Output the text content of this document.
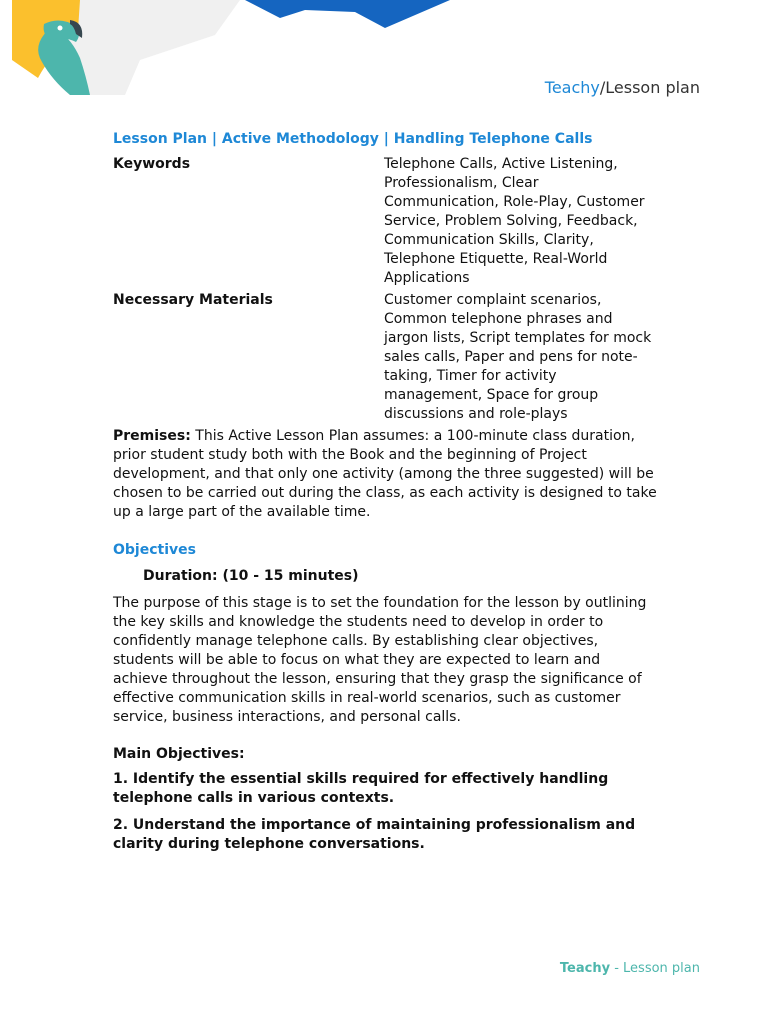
Teachy/Lesson plan
Lesson Plan | Active Methodology | Handling Telephone Calls
Keywords	Telephone Calls, Active Listening, Professionalism, Clear Communication, Role-Play, Customer Service, Problem Solving, Feedback, Communication Skills, Clarity, Telephone Etiquette, Real-World Applications
Necessary Materials	Customer complaint scenarios, Common telephone phrases and jargon lists, Script templates for mock sales calls, Paper and pens for note-taking, Timer for activity management, Space for group discussions and role-plays
Premises: This Active Lesson Plan assumes: a 100-minute class duration, prior student study both with the Book and the beginning of Project development, and that only one activity (among the three suggested) will be chosen to be carried out during the class, as each activity is designed to take up a large part of the available time.
Objectives
Duration: (10 - 15 minutes)
The purpose of this stage is to set the foundation for the lesson by outlining the key skills and knowledge the students need to develop in order to confidently manage telephone calls. By establishing clear objectives, students will be able to focus on what they are expected to learn and achieve throughout the lesson, ensuring that they grasp the significance of effective communication skills in real-world scenarios, such as customer service, business interactions, and personal calls.
Main Objectives:
1. Identify the essential skills required for effectively handling telephone calls in various contexts.
2. Understand the importance of maintaining professionalism and clarity during telephone conversations.
Teachy - Lesson plan
